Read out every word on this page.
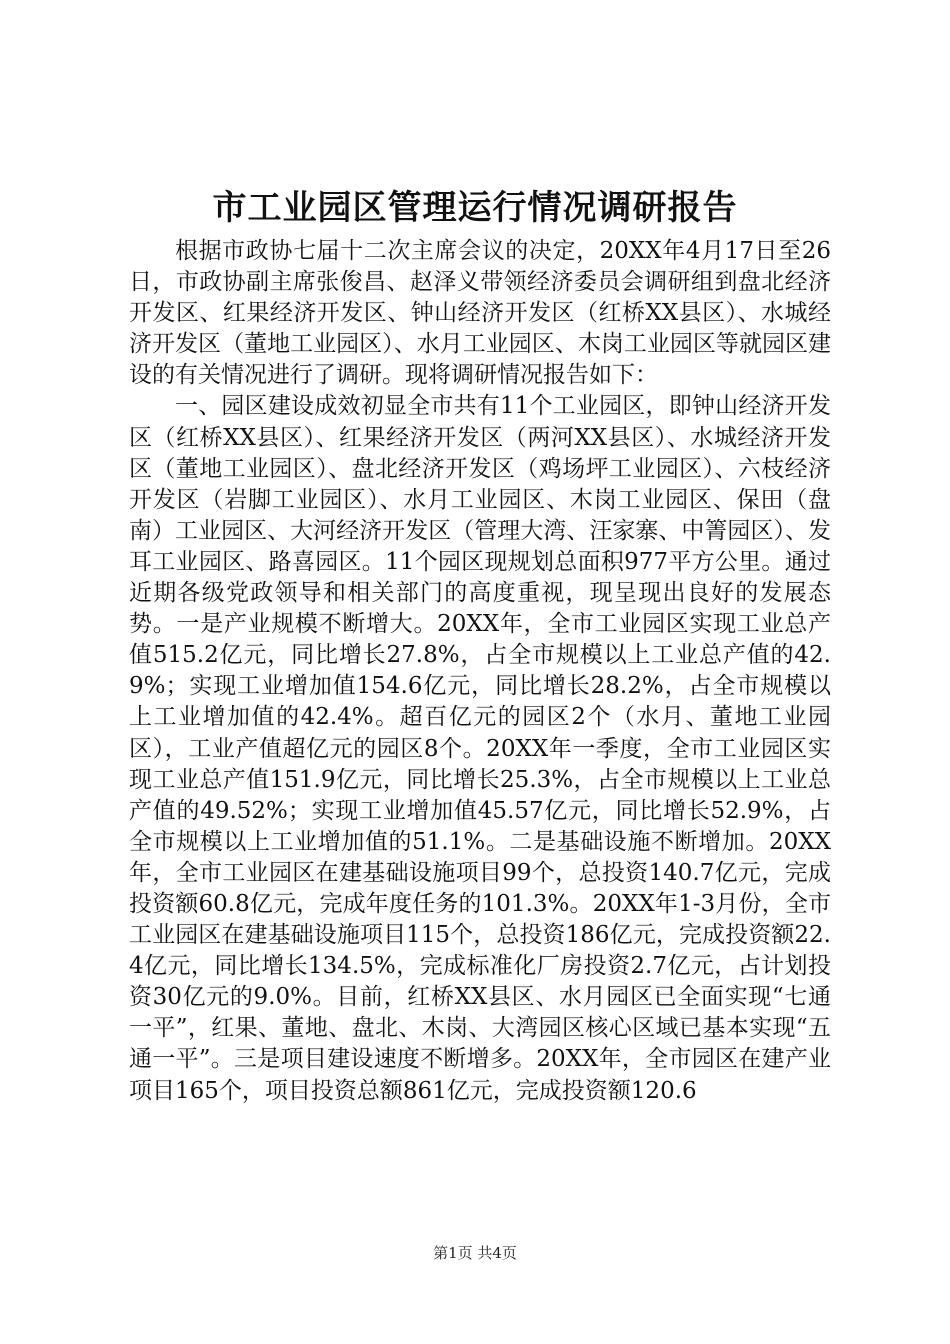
市工业园区管理运行情况调研报告

根据市政协七届十二次主席会议的决定，20XX年4月17日至26日，市政协副主席张俊昌、赵泽义带领经济委员会调研组到盘北经济开发区、红果经济开发区、钟山经济开发区（红桥XX县区）、水城经济开发区（董地工业园区）、水月工业园区、木岗工业园区等就园区建设的有关情况进行了调研。现将调研情况报告如下：

一、园区建设成效初显全市共有11个工业园区，即钟山经济开发区（红桥XX县区）、红果经济开发区（两河XX县区）、水城经济开发区（董地工业园区）、盘北经济开发区（鸡场坪工业园区）、六枝经济开发区（岩脚工业园区）、水月工业园区、木岗工业园区、保田（盘南）工业园区、大河经济开发区（管理大湾、汪家寨、中箐园区）、发耳工业园区、路喜园区。11个园区现规划总面积977平方公里。通过近期各级党政领导和相关部门的高度重视，现呈现出良好的发展态势。一是产业规模不断增大。20XX年，全市工业园区实现工业总产值515.2亿元，同比增长27.8%，占全市规模以上工业总产值的42.9%；实现工业增加值154.6亿元，同比增长28.2%，占全市规模以上工业增加值的42.4%。超百亿元的园区2个（水月、董地工业园区），工业产值超亿元的园区8个。20XX年一季度，全市工业园区实现工业总产值151.9亿元，同比增长25.3%，占全市规模以上工业总产值的49.52%；实现工业增加值45.57亿元，同比增长52.9%，占全市规模以上工业增加值的51.1%。二是基础设施不断增加。20XX年，全市工业园区在建基础设施项目99个，总投资140.7亿元，完成投资额60.8亿元，完成年度任务的101.3%。20XX年1-3月份，全市工业园区在建基础设施项目115个，总投资186亿元，完成投资额22.4亿元，同比增长134.5%，完成标准化厂房投资2.7亿元，占计划投资30亿元的9.0%。目前，红桥XX县区、水月园区已全面实现“七通一平”，红果、董地、盘北、木岗、大湾园区核心区域已基本实现“五通一平”。三是项目建设速度不断增多。20XX年，全市园区在建产业项目165个，项目投资总额861亿元，完成投资额120.6

第1页 共4页
